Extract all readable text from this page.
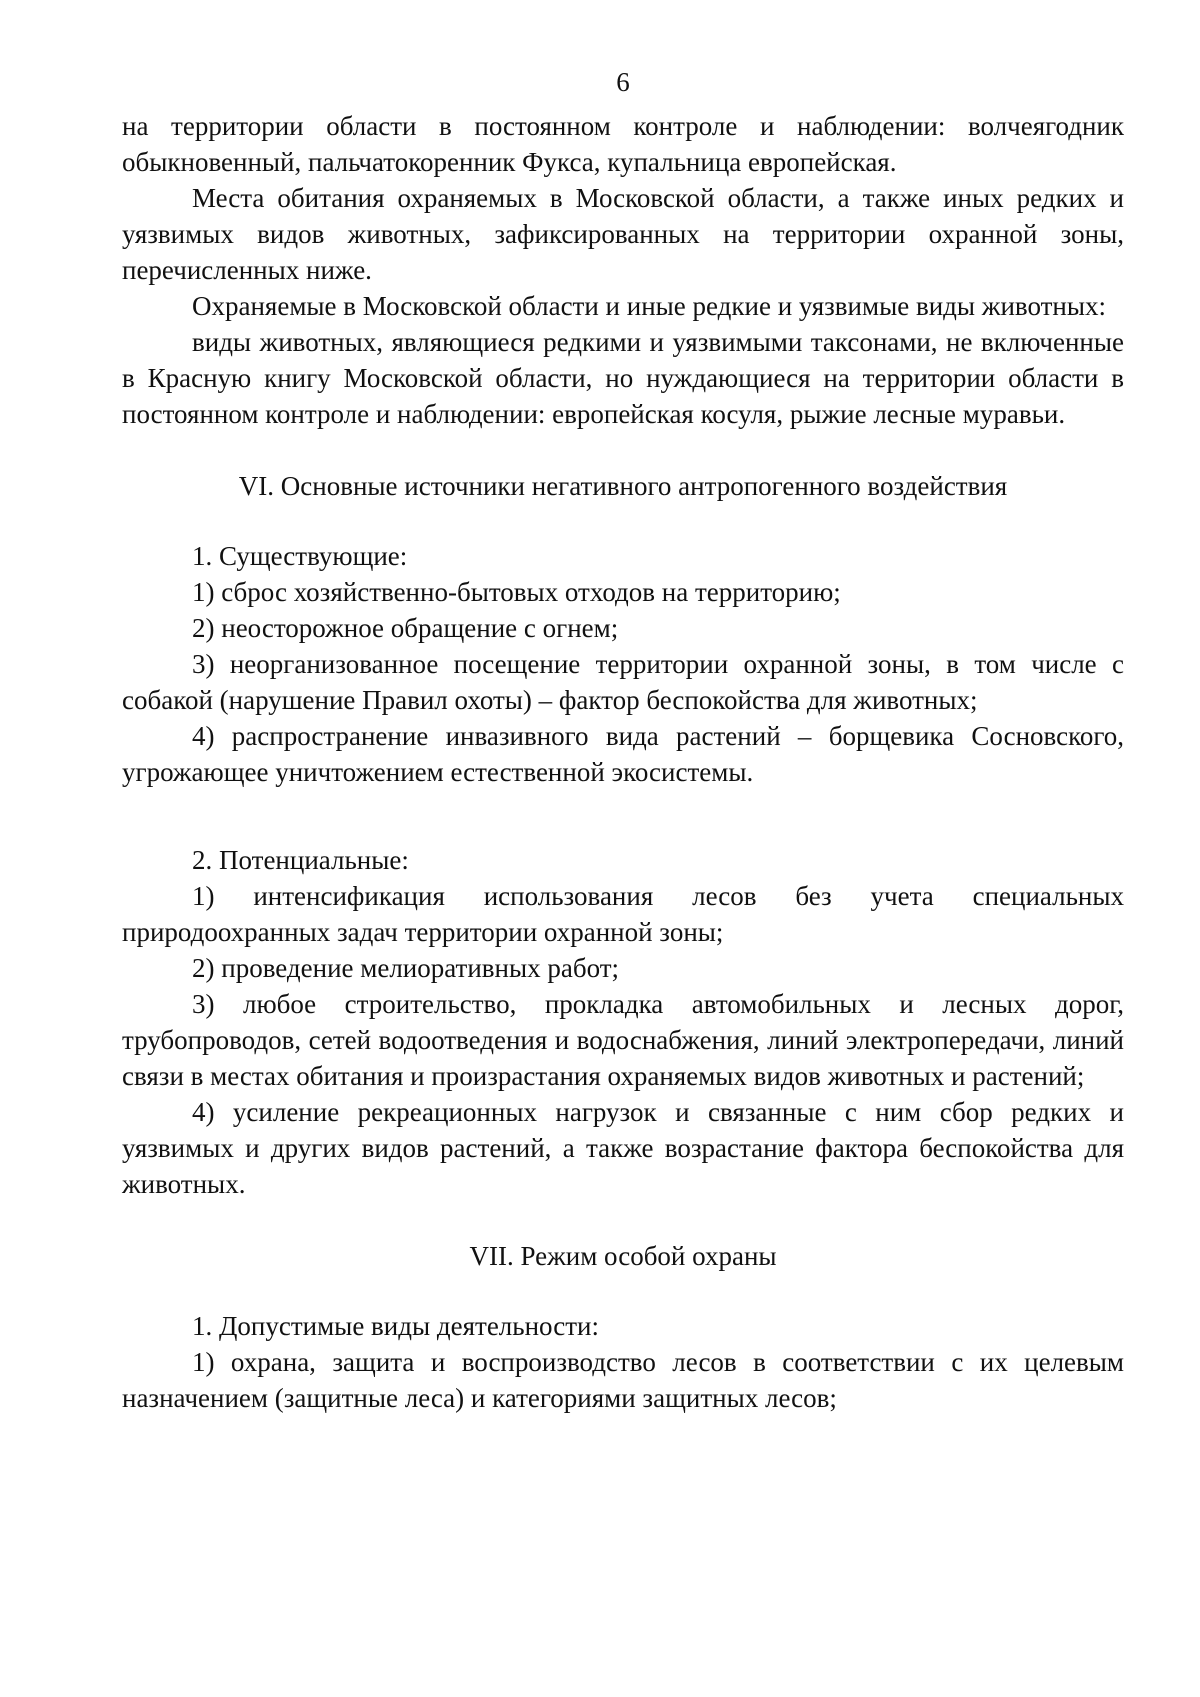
6

на территории области в постоянном контроле и наблюдении: волчеягодник обыкновенный, пальчатокоренник Фукса, купальница европейская.

Места обитания охраняемых в Московской области, а также иных редких и уязвимых видов животных, зафиксированных на территории охранной зоны, перечисленных ниже.

Охраняемые в Московской области и иные редкие и уязвимые виды животных:

виды животных, являющиеся редкими и уязвимыми таксонами, не включенные в Красную книгу Московской области, но нуждающиеся на территории области в постоянном контроле и наблюдении: европейская косуля, рыжие лесные муравьи.

VI. Основные источники негативного антропогенного воздействия

1. Существующие:

1) сброс хозяйственно-бытовых отходов на территорию;

2) неосторожное обращение с огнем;

3) неорганизованное посещение территории охранной зоны, в том числе с собакой (нарушение Правил охоты) – фактор беспокойства для животных;

4) распространение инвазивного вида растений – борщевика Сосновского, угрожающее уничтожением естественной экосистемы.

2. Потенциальные:

1) интенсификация использования лесов без учета специальных природоохранных задач территории охранной зоны;

2) проведение мелиоративных работ;

3) любое строительство, прокладка автомобильных и лесных дорог, трубопроводов, сетей водоотведения и водоснабжения, линий электропередачи, линий связи в местах обитания и произрастания охраняемых видов животных и растений;

4) усиление рекреационных нагрузок и связанные с ним сбор редких и уязвимых и других видов растений, а также возрастание фактора беспокойства для животных.

VII. Режим особой охраны

1. Допустимые виды деятельности:

1) охрана, защита и воспроизводство лесов в соответствии с их целевым назначением (защитные леса) и категориями защитных лесов;
